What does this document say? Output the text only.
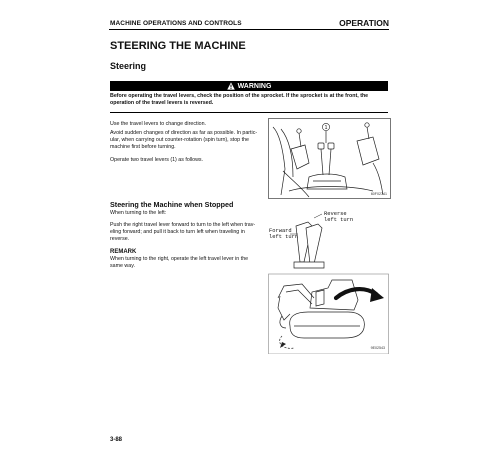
MACHINE OPERATIONS AND CONTROLS	OPERATION
STEERING THE MACHINE
Steering
WARNING
Before operating the travel levers, check the position of the sprocket. If the sprocket is at the front, the
operation of the travel levers is reversed.
Use the travel levers to change direction.
Avoid sudden changes of direction as far as possible. In partic-
ular, when carrying out counter-rotation (spin turn), stop the
machine first before turning.
Operate two travel levers (1) as follows.
1
60F02741
Steering the Machine when Stopped
When turning to the left:
Push the right travel lever forward to turn to the left when trav-
eling forward; and pull it back to turn left when traveling in
reverse.
REMARK
When turning to the right, operate the left travel lever in the
same way.
Reverse
left turn
Forward
left turn
9E02543
3-88
